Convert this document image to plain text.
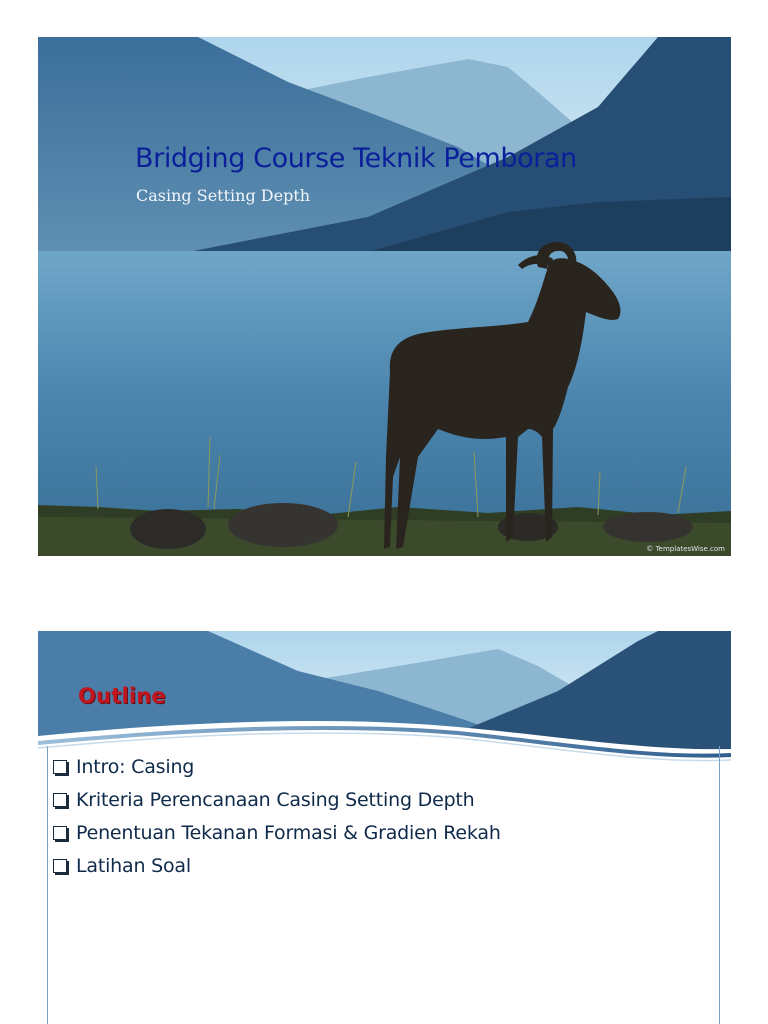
Bridging Course Teknik Pemboran

Casing Setting Depth

© TemplatesWise.com
Outline
Intro: Casing
Kriteria Perencanaan Casing Setting Depth
Penentuan Tekanan Formasi & Gradien Rekah
Latihan Soal
